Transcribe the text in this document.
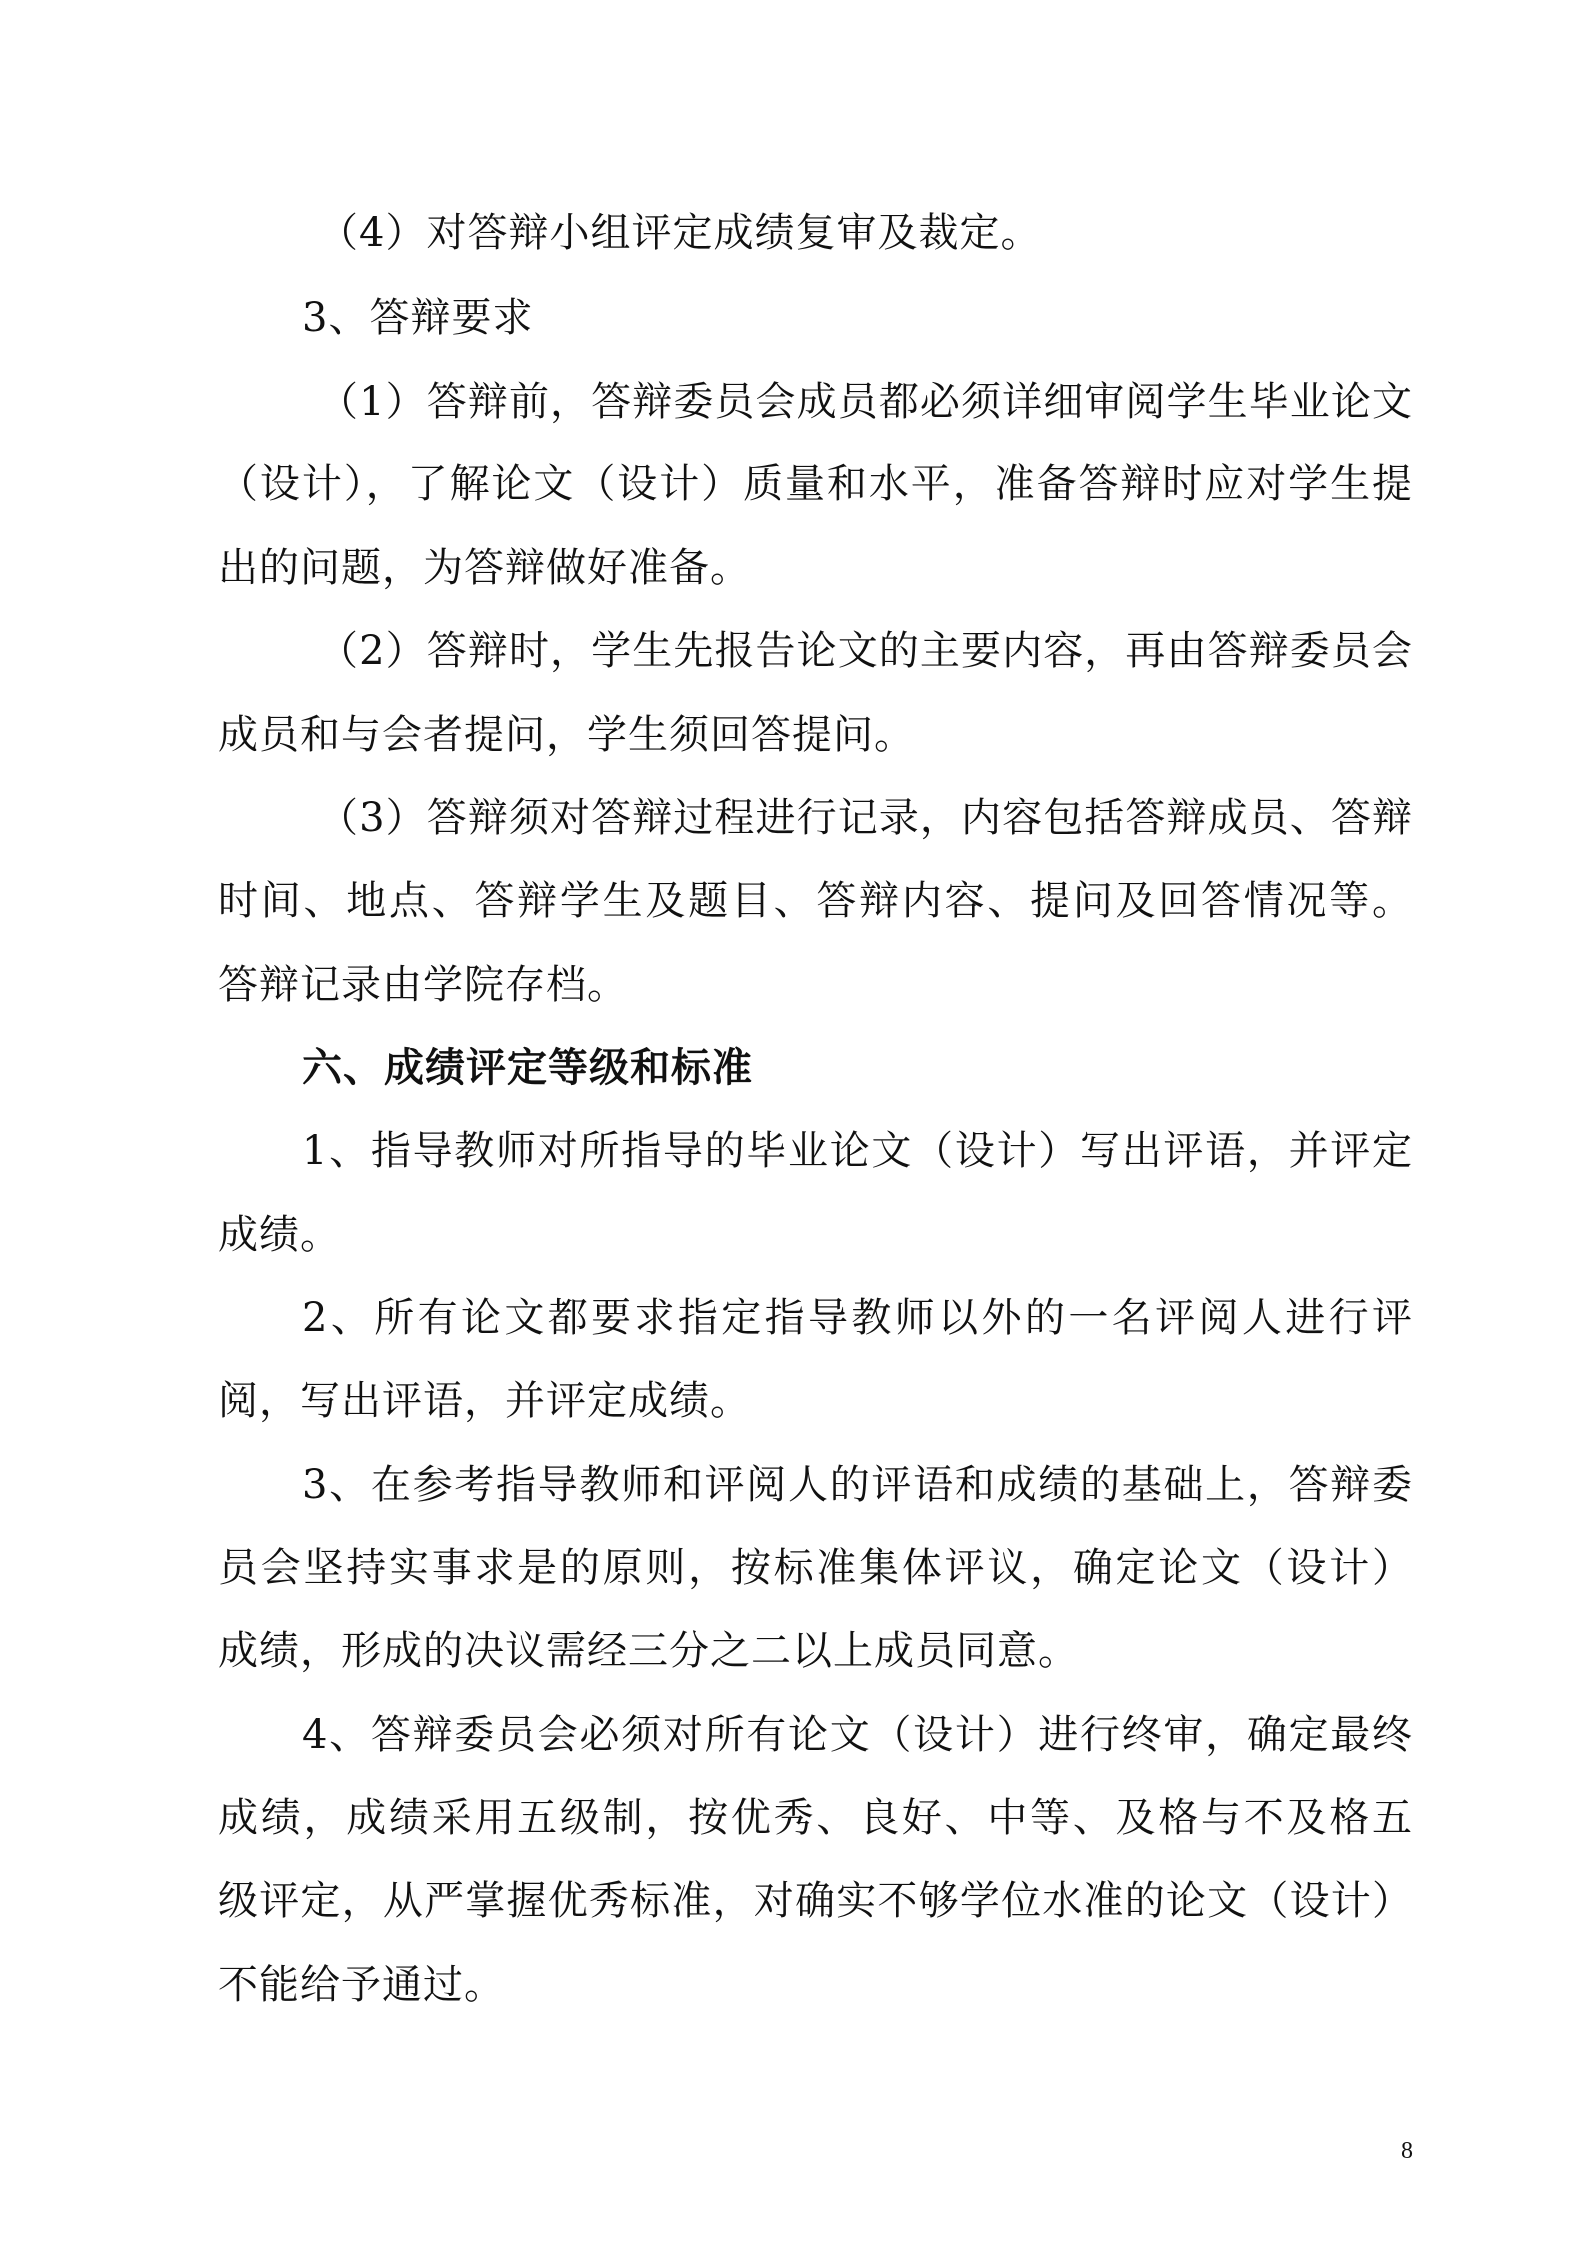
（4）对答辩小组评定成绩复审及裁定。
3、答辩要求
（1）答辩前，答辩委员会成员都必须详细审阅学生毕业论文
（设计），了解论文（设计）质量和水平，准备答辩时应对学生提
出的问题，为答辩做好准备。
（2）答辩时，学生先报告论文的主要内容，再由答辩委员会
成员和与会者提问，学生须回答提问。
（3）答辩须对答辩过程进行记录，内容包括答辩成员、答辩
时间、地点、答辩学生及题目、答辩内容、提问及回答情况等。
答辩记录由学院存档。
六、成绩评定等级和标准
1、指导教师对所指导的毕业论文（设计）写出评语，并评定
成绩。
2、所有论文都要求指定指导教师以外的一名评阅人进行评
阅，写出评语，并评定成绩。
3、在参考指导教师和评阅人的评语和成绩的基础上，答辩委
员会坚持实事求是的原则，按标准集体评议，确定论文（设计）
成绩，形成的决议需经三分之二以上成员同意。
4、答辩委员会必须对所有论文（设计）进行终审，确定最终
成绩，成绩采用五级制，按优秀、良好、中等、及格与不及格五
级评定，从严掌握优秀标准，对确实不够学位水准的论文（设计）
不能给予通过。
8
